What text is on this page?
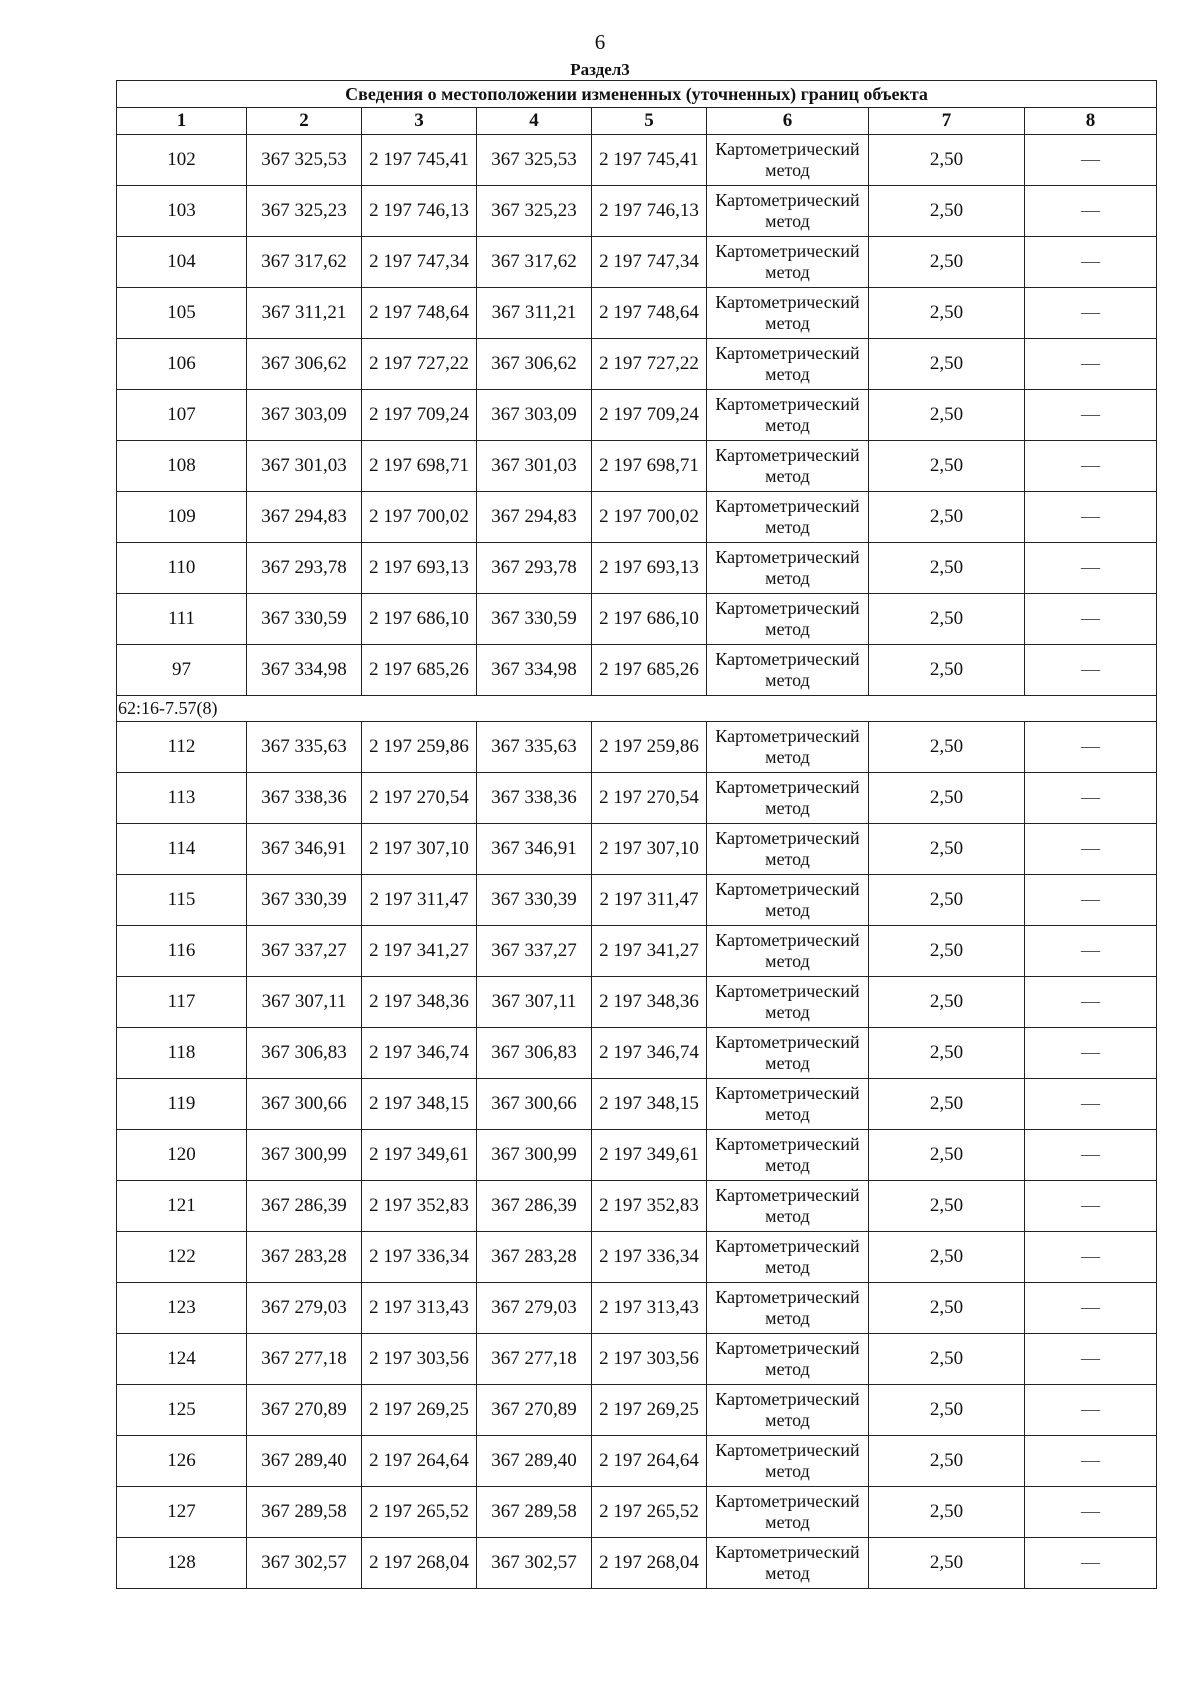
6
Раздел3
Сведения о местоположении измененных (уточненных) границ объекта							
1	2	3	4	5	6	7	8
102	367 325,53	2 197 745,41	367 325,53	2 197 745,41	Картометрический метод	2,50	—
103	367 325,23	2 197 746,13	367 325,23	2 197 746,13	Картометрический метод	2,50	—
104	367 317,62	2 197 747,34	367 317,62	2 197 747,34	Картометрический метод	2,50	—
105	367 311,21	2 197 748,64	367 311,21	2 197 748,64	Картометрический метод	2,50	—
106	367 306,62	2 197 727,22	367 306,62	2 197 727,22	Картометрический метод	2,50	—
107	367 303,09	2 197 709,24	367 303,09	2 197 709,24	Картометрический метод	2,50	—
108	367 301,03	2 197 698,71	367 301,03	2 197 698,71	Картометрический метод	2,50	—
109	367 294,83	2 197 700,02	367 294,83	2 197 700,02	Картометрический метод	2,50	—
110	367 293,78	2 197 693,13	367 293,78	2 197 693,13	Картометрический метод	2,50	—
111	367 330,59	2 197 686,10	367 330,59	2 197 686,10	Картометрический метод	2,50	—
97	367 334,98	2 197 685,26	367 334,98	2 197 685,26	Картометрический метод	2,50	—
62:16-7.57(8)							
112	367 335,63	2 197 259,86	367 335,63	2 197 259,86	Картометрический метод	2,50	—
113	367 338,36	2 197 270,54	367 338,36	2 197 270,54	Картометрический метод	2,50	—
114	367 346,91	2 197 307,10	367 346,91	2 197 307,10	Картометрический метод	2,50	—
115	367 330,39	2 197 311,47	367 330,39	2 197 311,47	Картометрический метод	2,50	—
116	367 337,27	2 197 341,27	367 337,27	2 197 341,27	Картометрический метод	2,50	—
117	367 307,11	2 197 348,36	367 307,11	2 197 348,36	Картометрический метод	2,50	—
118	367 306,83	2 197 346,74	367 306,83	2 197 346,74	Картометрический метод	2,50	—
119	367 300,66	2 197 348,15	367 300,66	2 197 348,15	Картометрический метод	2,50	—
120	367 300,99	2 197 349,61	367 300,99	2 197 349,61	Картометрический метод	2,50	—
121	367 286,39	2 197 352,83	367 286,39	2 197 352,83	Картометрический метод	2,50	—
122	367 283,28	2 197 336,34	367 283,28	2 197 336,34	Картометрический метод	2,50	—
123	367 279,03	2 197 313,43	367 279,03	2 197 313,43	Картометрический метод	2,50	—
124	367 277,18	2 197 303,56	367 277,18	2 197 303,56	Картометрический метод	2,50	—
125	367 270,89	2 197 269,25	367 270,89	2 197 269,25	Картометрический метод	2,50	—
126	367 289,40	2 197 264,64	367 289,40	2 197 264,64	Картометрический метод	2,50	—
127	367 289,58	2 197 265,52	367 289,58	2 197 265,52	Картометрический метод	2,50	—
128	367 302,57	2 197 268,04	367 302,57	2 197 268,04	Картометрический метод	2,50	—
